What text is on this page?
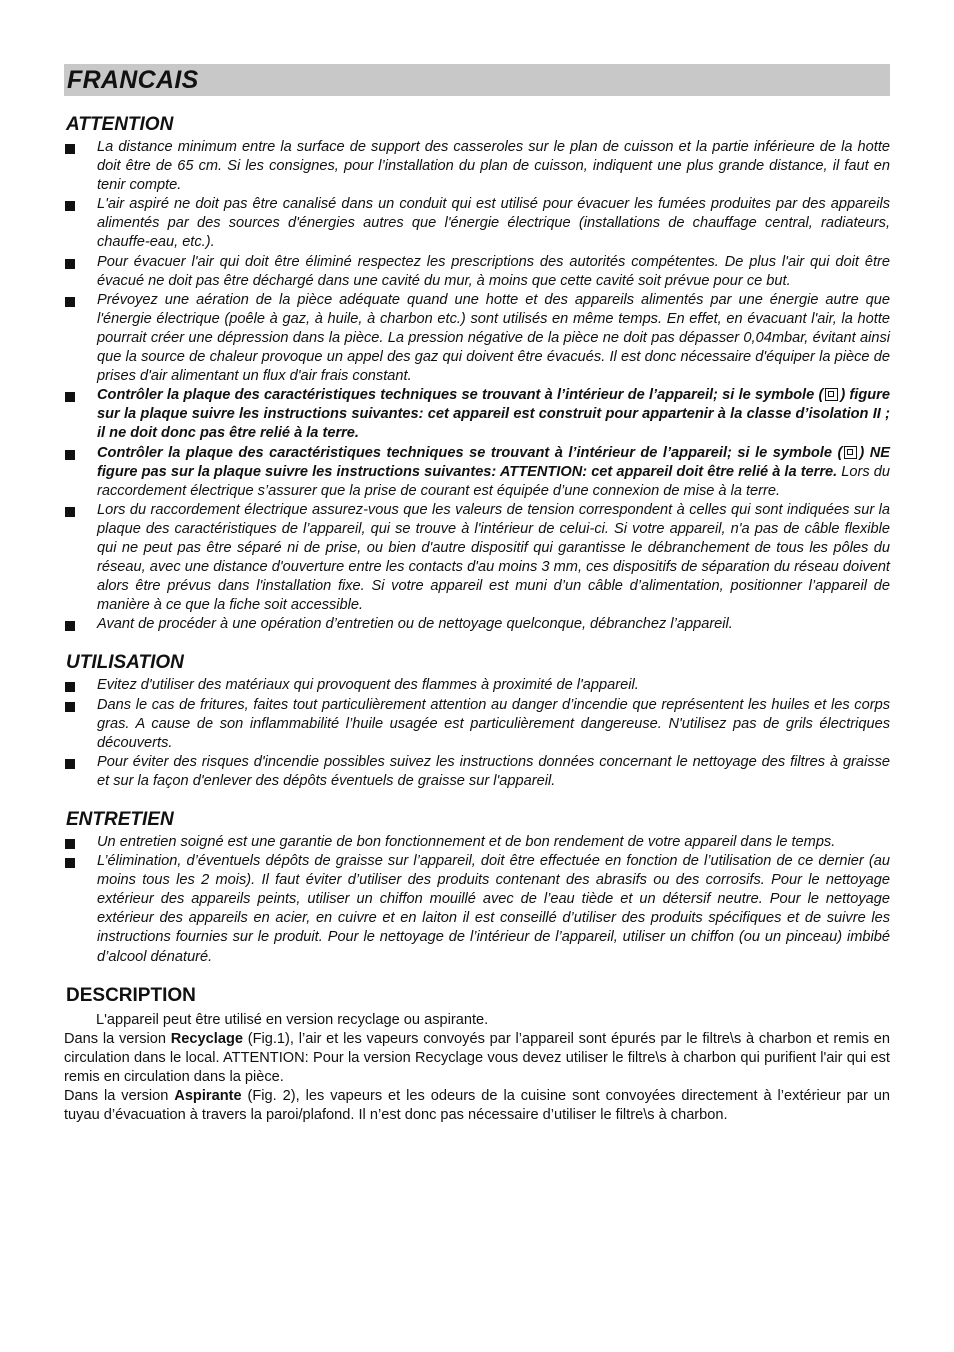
FRANCAIS
ATTENTION
La distance minimum entre la surface de support des casseroles sur le plan de cuisson et la partie inférieure de la hotte doit être de 65 cm. Si les consignes, pour l’installation du plan de cuisson, indiquent une plus grande distance, il faut en tenir compte.
L'air aspiré ne doit pas être canalisé dans un conduit qui est utilisé pour évacuer les fumées produites par des appareils alimentés par des sources d'énergies autres que l'énergie électrique (installations de chauffage central, radiateurs, chauffe-eau, etc.).
Pour évacuer l'air qui doit être éliminé respectez les prescriptions des autorités compétentes. De plus l'air qui doit être évacué ne doit pas être déchargé dans une cavité du mur, à moins que cette cavité soit prévue pour ce but.
Prévoyez une aération de la pièce adéquate quand une hotte et des appareils alimentés par une énergie autre que l'énergie électrique (poêle à gaz, à huile, à charbon etc.) sont utilisés en même temps. En effet, en évacuant l'air, la hotte pourrait créer une dépression dans la pièce. La pression négative de la pièce ne doit pas dépasser 0,04mbar, évitant ainsi que la source de chaleur provoque un appel des gaz qui doivent être évacués. Il est donc nécessaire d'équiper la pièce de prises d'air alimentant un flux d'air frais constant.
Contrôler la plaque des caractéristiques techniques se trouvant à l’intérieur de l’appareil; si le symbole ( ) figure sur la plaque suivre les instructions suivantes: cet appareil est construit pour appartenir à la classe d’isolation II ; il ne doit donc pas être relié à la terre.
Contrôler la plaque des caractéristiques techniques se trouvant à l’intérieur de l’appareil; si le symbole ( ) NE figure pas sur la plaque suivre les instructions suivantes: ATTENTION: cet appareil doit être relié à la terre. Lors du raccordement électrique s’assurer que la prise de courant est équipée d’une connexion de mise à la terre.
Lors du raccordement électrique assurez-vous que les valeurs de tension correspondent à celles qui sont indiquées sur la plaque des caractéristiques de l’appareil, qui se trouve à l'intérieur de celui-ci. Si votre appareil, n'a pas de câble flexible qui ne peut pas être séparé ni de prise, ou bien d'autre dispositif qui garantisse le débranchement de tous les pôles du réseau, avec une distance d'ouverture entre les contacts d'au moins 3 mm, ces dispositifs de séparation du réseau doivent alors être prévus dans l'installation fixe. Si votre appareil est muni d’un câble d’alimentation, positionner l’appareil de manière à ce que la fiche soit accessible.
Avant de procéder à une opération d’entretien ou de nettoyage quelconque, débranchez l’appareil.
UTILISATION
Evitez d'utiliser des matériaux qui provoquent des flammes à proximité de l'appareil.
Dans le cas de fritures, faites tout particulièrement attention au danger d’incendie que représentent les huiles et les corps gras. A cause de son inflammabilité l’huile usagée est particulièrement dangereuse. N'utilisez pas de grils électriques découverts.
Pour éviter des risques d'incendie possibles suivez les instructions données concernant le nettoyage des filtres à graisse et sur la façon d'enlever des dépôts éventuels de graisse sur l'appareil.
ENTRETIEN
Un entretien soigné est une garantie de bon fonctionnement et de bon rendement de votre appareil dans le temps.
L’élimination, d’éventuels dépôts de graisse sur l’appareil, doit être effectuée en fonction de l’utilisation de ce dernier (au moins tous les 2 mois). Il faut éviter d’utiliser des produits contenant des abrasifs ou des corrosifs. Pour le nettoyage extérieur des appareils peints, utiliser un chiffon mouillé avec de l’eau tiède et un détersif neutre. Pour le nettoyage extérieur des appareils en acier, en cuivre et en laiton il est conseillé d’utiliser des produits spécifiques et de suivre les instructions fournies sur le produit. Pour le nettoyage de l’intérieur de l’appareil, utiliser un chiffon (ou un pinceau) imbibé d’alcool dénaturé.
DESCRIPTION

L'appareil peut être utilisé en version recyclage ou aspirante.

Dans la version Recyclage (Fig.1), l’air et les vapeurs convoyés par l’appareil sont épurés par le filtre\s à charbon et remis en circulation dans le local. ATTENTION: Pour la version Recyclage vous devez utiliser le filtre\s à charbon qui purifient l'air qui est remis en circulation dans la pièce.

Dans la version Aspirante (Fig. 2), les vapeurs et les odeurs de la cuisine sont convoyées directement à l’extérieur par un tuyau d’évacuation à travers la paroi/plafond. Il n’est donc pas nécessaire d’utiliser le filtre\s à charbon.
